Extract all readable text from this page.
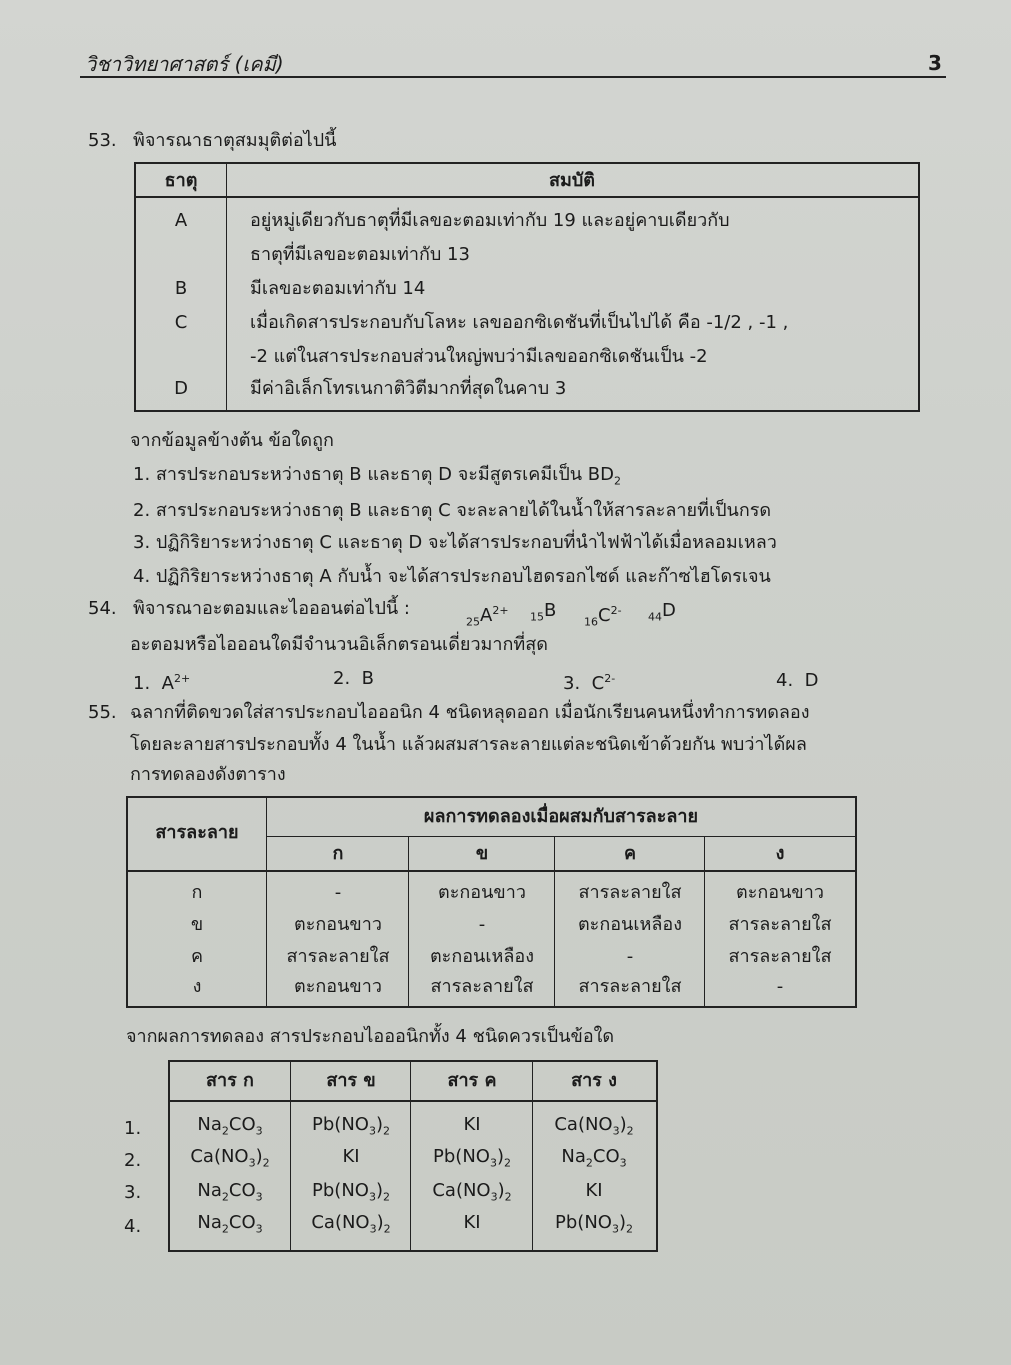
วิชาวิทยาศาสตร์ (เคมี)	3
53. พิจารณาธาตุสมมุติต่อไปนี้
ธาตุ	สมบัติ
A	อยู่หมู่เดียวกับธาตุที่มีเลขอะตอมเท่ากับ 19 และอยู่คาบเดียวกับ
ธาตุที่มีเลขอะตอมเท่ากับ 13
B	มีเลขอะตอมเท่ากับ 14
C	เมื่อเกิดสารประกอบกับโลหะ เลขออกซิเดชันที่เป็นไปได้ คือ -1/2 , -1 ,
-2 แต่ในสารประกอบส่วนใหญ่พบว่ามีเลขออกซิเดชันเป็น -2
D	มีค่าอิเล็กโทรเนกาติวิตีมากที่สุดในคาบ 3
จากข้อมูลข้างต้น ข้อใดถูก
1. สารประกอบระหว่างธาตุ B และธาตุ D จะมีสูตรเคมีเป็น $BD_2$
2. สารประกอบระหว่างธาตุ B และธาตุ C จะละลายได้ในน้ำให้สารละลายที่เป็นกรด
3. ปฏิกิริยาระหว่างธาตุ C และธาตุ D จะได้สารประกอบที่นำไฟฟ้าได้เมื่อหลอมเหลว
4. ปฏิกิริยาระหว่างธาตุ A กับน้ำ จะได้สารประกอบไฮดรอกไซด์ และก๊าซไฮโดรเจน
54. พิจารณาอะตอมและไอออนต่อไปนี้ :
$_{25}A^{2+}$
$_{15}$B
$_{16}C^{2-}$
$_{44}$D
อะตอมหรือไอออนใดมีจำนวนอิเล็กตรอนเดี่ยวมากที่สุด
1. $A^{2+}$	2. B	3. $C^{2-}$	4. D
55. ฉลากที่ติดขวดใส่สารประกอบไอออนิก 4 ชนิดหลุดออก เมื่อนักเรียนคนหนึ่งทำการทดลอง
โดยละลายสารประกอบทั้ง 4 ในน้ำ แล้วผสมสารละลายแต่ละชนิดเข้าด้วยกัน พบว่าได้ผล
การทดลองดังตาราง
สารละลาย
ผลการทดลองเมื่อผสมกับสารละลาย
ก	ข	ค	ง
ก	-	ตะกอนขาว	สารละลายใส	ตะกอนขาว
ข	ตะกอนขาว	-	ตะกอนเหลือง	สารละลายใส
ค	สารละลายใส	ตะกอนเหลือง	-	สารละลายใส
ง	ตะกอนขาว	สารละลายใส	สารละลายใส	-
จากผลการทดลอง สารประกอบไอออนิกทั้ง 4 ชนิดควรเป็นข้อใด
สาร ก	สาร ข	สาร ค	สาร ง
1.
2.
3.
4.
$Na_2CO_3$	$Pb(NO_3)_2$	KI	$Ca(NO_3)_2$
$Ca(NO_3)_2$	KI	$Pb(NO_3)_2$	$Na_2CO_3$
$Na_2CO_3$	$Pb(NO_3)_2$	$Ca(NO_3)_2$	KI
$Na_2CO_3$	$Ca(NO_3)_2$	KI	$Pb(NO_3)_2$
